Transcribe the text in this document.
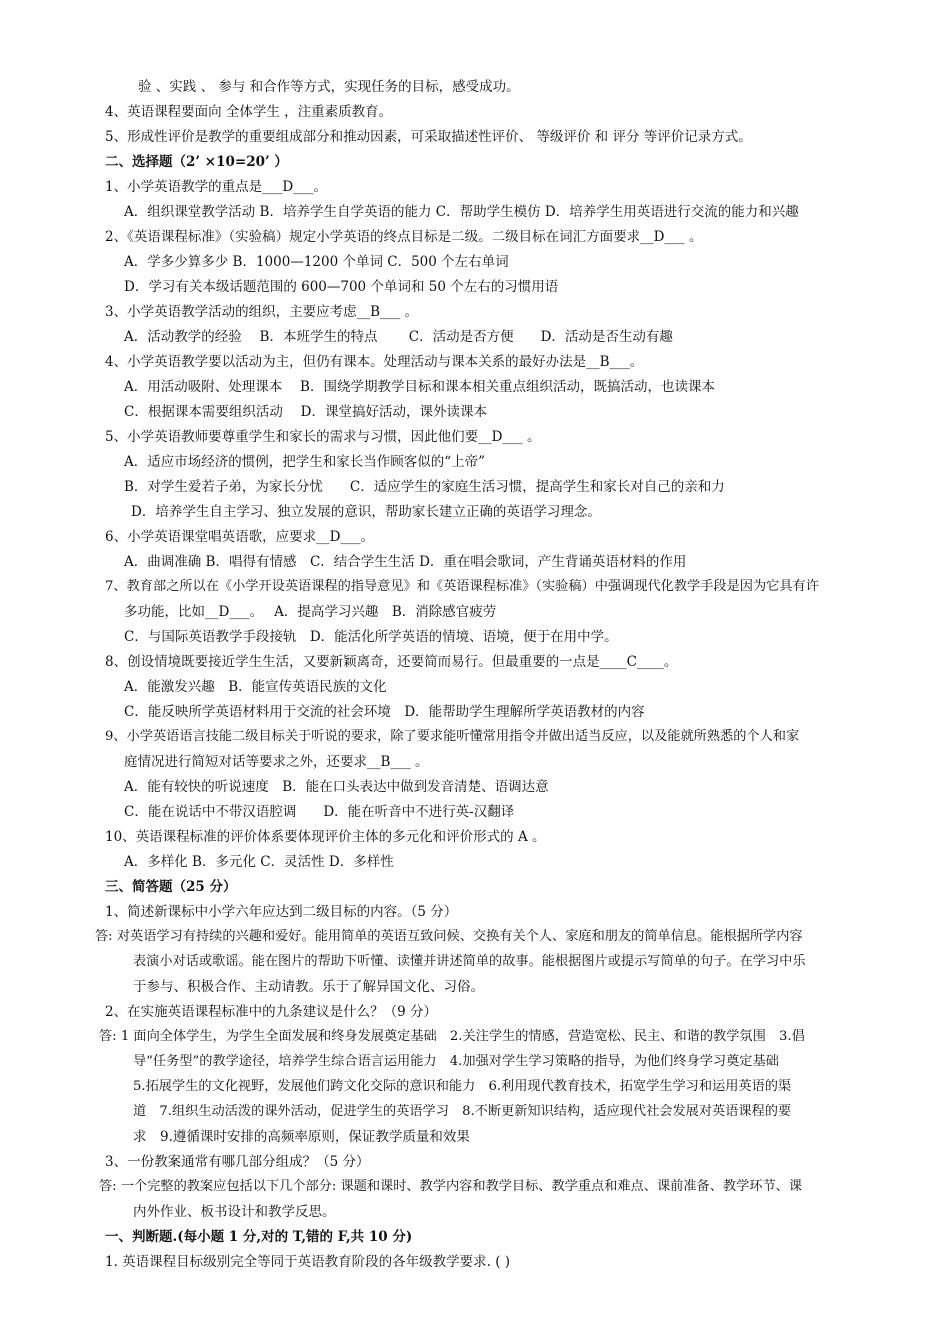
验 、实践 、 参与 和合作等方式，实现任务的目标，感受成功。
4、英语课程要面向 全体学生 ，注重素质教育。
5、形成性评价是教学的重要组成部分和推动因素，可采取描述性评价、 等级评价 和 评分 等评价记录方式。
二、选择题（2’ ×10=20’ ）
1、小学英语教学的重点是___D___。
A．组织课堂教学活动 B．培养学生自学英语的能力 C．帮助学生模仿 D．培养学生用英语进行交流的能力和兴趣
2、《英语课程标准》（实验稿）规定小学英语的终点目标是二级。二级目标在词汇方面要求__D___ 。
A．学多少算多少 B．1000—1200 个单词 C．500 个左右单词
D．学习有关本级话题范围的 600—700 个单词和 50 个左右的习惯用语
3、小学英语教学活动的组织，主要应考虑__B___ 。
A．活动教学的经验　 B．本班学生的特点　　 C．活动是否方便　　D．活动是否生动有趣
4、小学英语教学要以活动为主，但仍有课本。处理活动与课本关系的最好办法是__B___。
A．用活动吸附、处理课本　 B．围绕学期教学目标和课本相关重点组织活动，既搞活动，也读课本
C．根据课本需要组织活动　 D．课堂搞好活动，课外读课本
5、小学英语教师要尊重学生和家长的需求与习惯，因此他们要__D___ 。
A．适应市场经济的惯例，把学生和家长当作顾客似的“上帝”
B．对学生爱若子弟，为家长分忧　　C．适应学生的家庭生活习惯，提高学生和家长对自己的亲和力
D．培养学生自主学习、独立发展的意识，帮助家长建立正确的英语学习理念。
6、小学英语课堂唱英语歌，应要求__D___。
A．曲调准确 B．唱得有情感　C．结合学生生活 D．重在唱会歌词，产生背诵英语材料的作用
7、教育部之所以在《小学开设英语课程的指导意见》和《英语课程标准》（实验稿）中强调现代化教学手段是因为它具有许
多功能，比如__D___。　 A．提高学习兴趣　B．消除感官疲劳
C．与国际英语教学手段接轨　D．能活化所学英语的情境、语境，便于在用中学。
8、创设情境既要接近学生生活，又要新颖离奇，还要简而易行。但最重要的一点是____C____。
A．能激发兴趣　B．能宣传英语民族的文化
C．能反映所学英语材料用于交流的社会环境　D．能帮助学生理解所学英语教材的内容
9、小学英语语言技能二级目标关于听说的要求，除了要求能听懂常用指令并做出适当反应，以及能就所熟悉的个人和家
庭情况进行简短对话等要求之外，还要求__B___ 。
A．能有较快的听说速度　B．能在口头表达中做到发音清楚、语调达意
C．能在说话中不带汉语腔调　　D．能在听音中不进行英-汉翻译
10、英语课程标准的评价体系要体现评价主体的多元化和评价形式的 A 。
A．多样化 B．多元化 C．灵活性 D．多样性
三、简答题（25 分）
1、简述新课标中小学六年应达到二级目标的内容。（5 分）
答: 对英语学习有持续的兴趣和爱好。能用简单的英语互致问候、交换有关个人、家庭和朋友的简单信息。能根据所学内容
表演小对话或歌谣。能在图片的帮助下听懂、读懂并讲述简单的故事。能根据图片或提示写简单的句子。在学习中乐
于参与、积极合作、主动请教。乐于了解异国文化、习俗。
2、在实施英语课程标准中的九条建议是什么？（9 分）
答: 1 面向全体学生，为学生全面发展和终身发展奠定基础　2.关注学生的情感，营造宽松、民主、和谐的教学氛围　3.倡
导“任务型”的教学途径，培养学生综合语言运用能力　4.加强对学生学习策略的指导，为他们终身学习奠定基础
5.拓展学生的文化视野，发展他们跨文化交际的意识和能力　6.利用现代教育技术，拓宽学生学习和运用英语的渠
道　7.组织生动活泼的课外活动，促进学生的英语学习　8.不断更新知识结构，适应现代社会发展对英语课程的要
求　9.遵循课时安排的高频率原则，保证教学质量和效果
3、一份教案通常有哪几部分组成？（5 分）
答: 一个完整的教案应包括以下几个部分: 课题和课时、教学内容和教学目标、教学重点和难点、课前准备、教学环节、课
内外作业、板书设计和教学反思。
一、判断题.(每小题 1 分,对的 T,错的 F,共 10 分)
1. 英语课程目标级别完全等同于英语教育阶段的各年级教学要求. ( )
